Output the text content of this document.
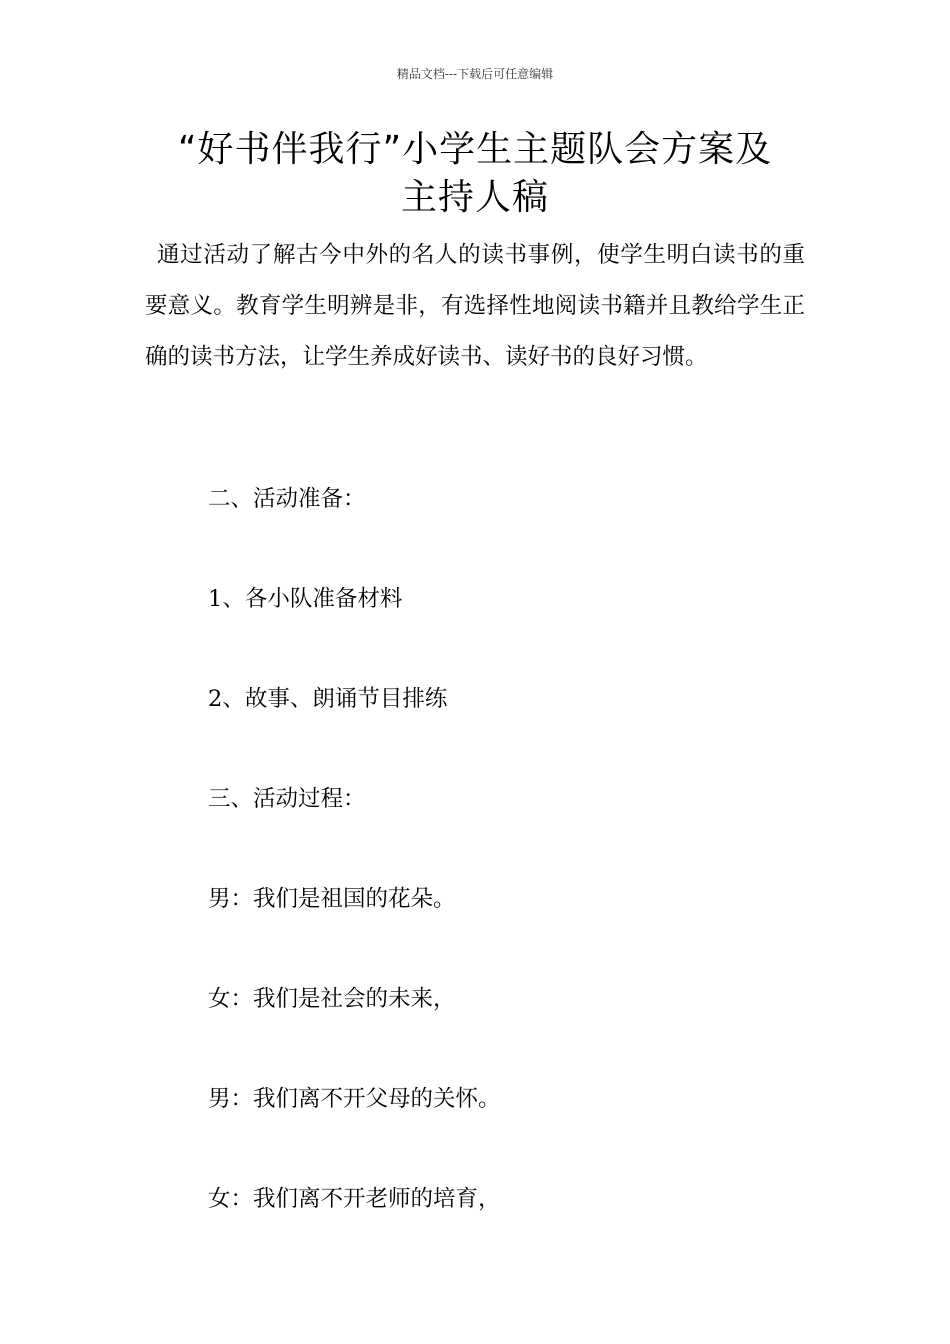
精品文档---下载后可任意编辑
“好书伴我行”小学生主题队会方案及
主持人稿

通过活动了解古今中外的名人的读书事例，使学生明白读书的重要意义。教育学生明辨是非，有选择性地阅读书籍并且教给学生正确的读书方法，让学生养成好读书、读好书的良好习惯。

二、活动准备：

1、各小队准备材料

2、故事、朗诵节目排练

三、活动过程：

男：我们是祖国的花朵。

女：我们是社会的未来，

男：我们离不开父母的关怀。

女：我们离不开老师的培育，
